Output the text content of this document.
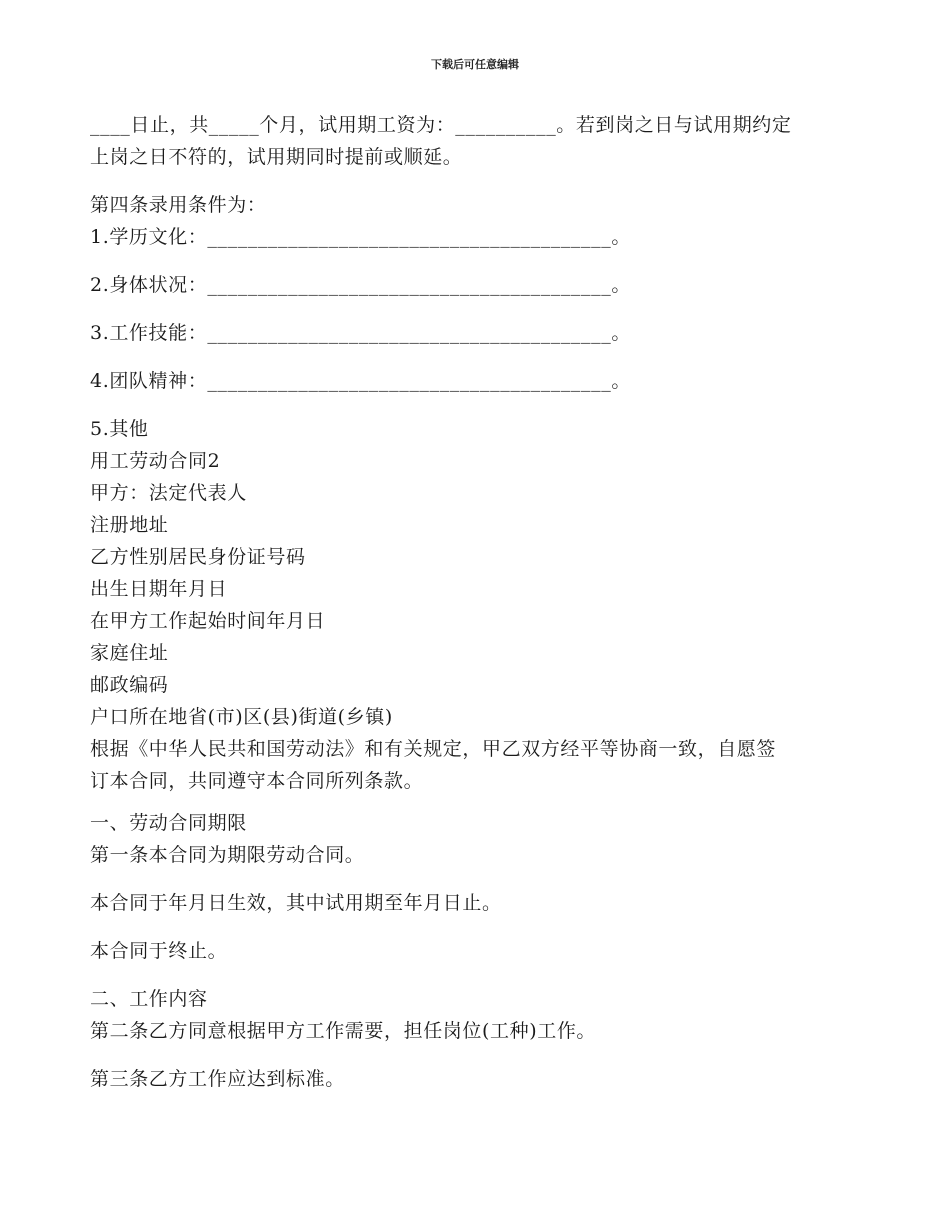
下载后可任意编辑

____日止，共_____个月，试用期工资为：__________。若到岗之日与试用期约定

上岗之日不符的，试用期同时提前或顺延。

第四条录用条件为：

1.学历文化：________________________________________。

2.身体状况：________________________________________。

3.工作技能：________________________________________。

4.团队精神：________________________________________。

5.其他

用工劳动合同2

甲方：法定代表人

注册地址

乙方性别居民身份证号码

出生日期年月日

在甲方工作起始时间年月日

家庭住址

邮政编码

户口所在地省(市)区(县)街道(乡镇)

根据《中华人民共和国劳动法》和有关规定，甲乙双方经平等协商一致，自愿签

订本合同，共同遵守本合同所列条款。

一、劳动合同期限

第一条本合同为期限劳动合同。

本合同于年月日生效，其中试用期至年月日止。

本合同于终止。

二、工作内容

第二条乙方同意根据甲方工作需要，担任岗位(工种)工作。

第三条乙方工作应达到标准。
